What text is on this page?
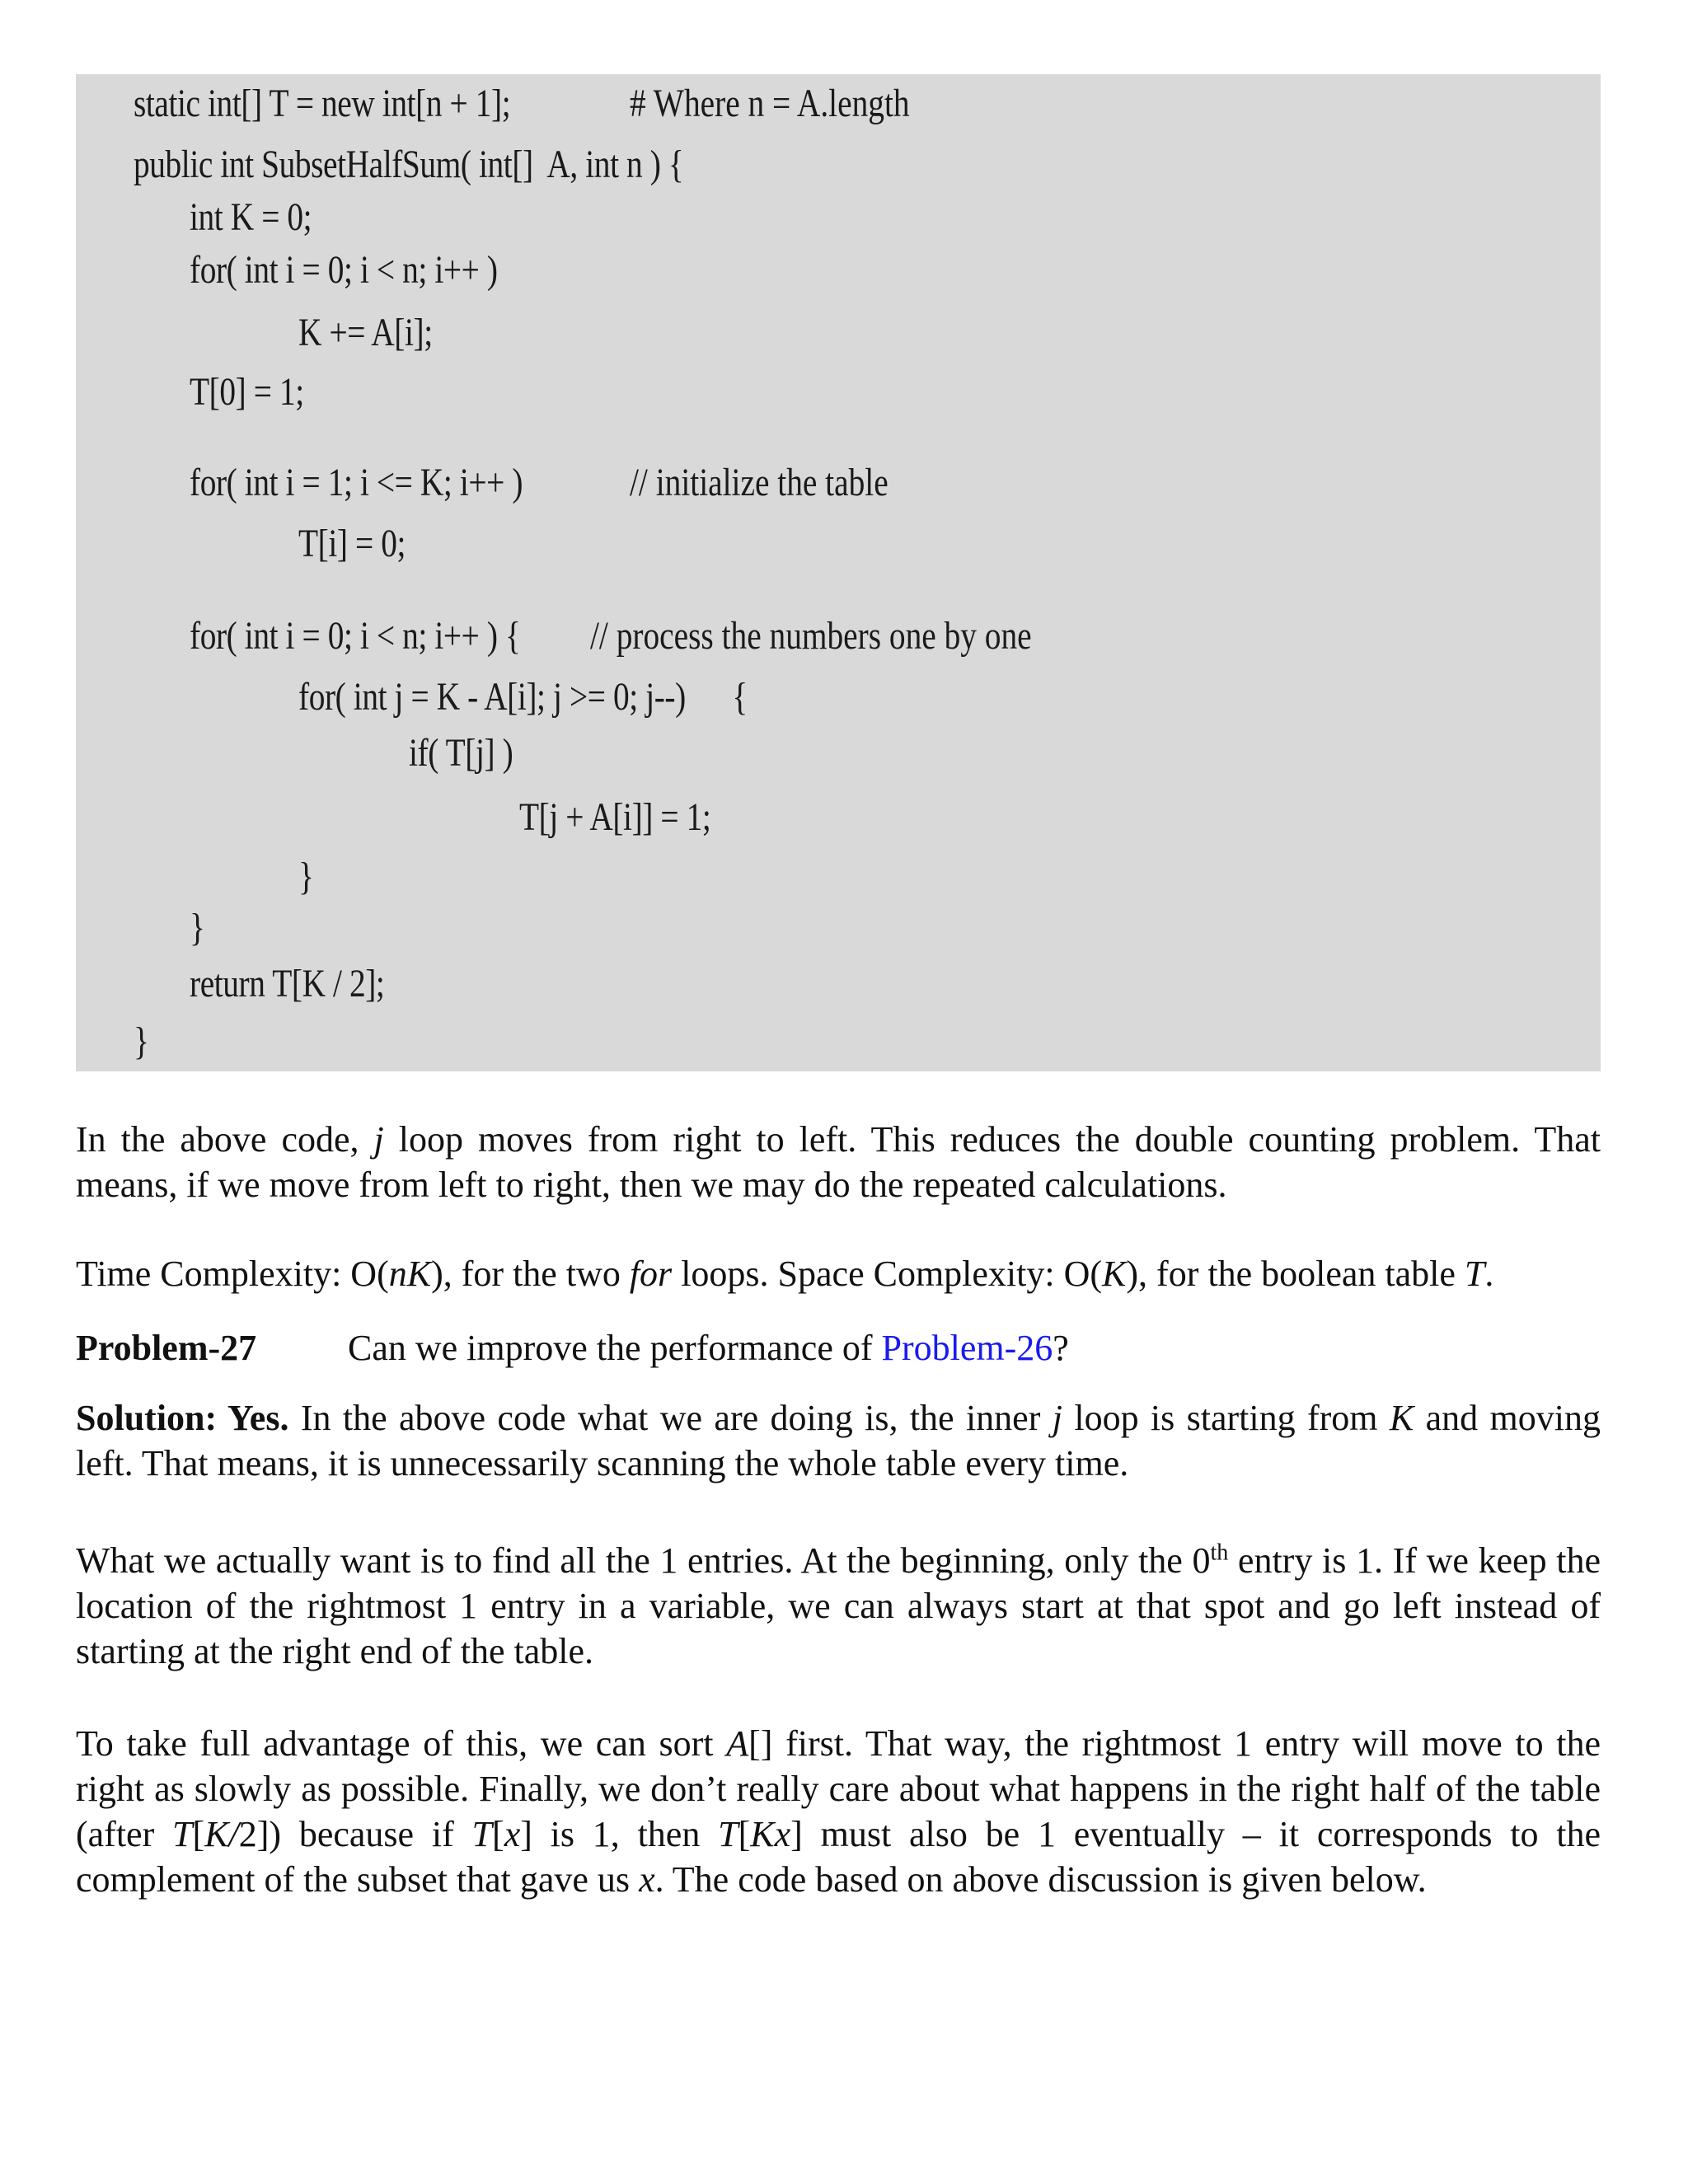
static int[] T = new int[n + 1];	# Where n = A.length
public int SubsetHalfSum( int[]  A, int n ) {
int K = 0;
for( int i = 0; i < n; i++ )
K += A[i];
T[0] = 1;
for( int i = 1; i <= K; i++ )	// initialize the table
T[i] = 0;
for( int i = 0; i < n; i++ ) { // process the numbers one by one
for( int j = K - A[i]; j >= 0; j--)      {
if( T[j] )
T[j + A[i]] = 1;
}
}
return T[K / 2];
}

In the above code, j loop moves from right to left. This reduces the double counting problem. That means, if we move from left to right, then we may do the repeated calculations.

Time Complexity: O(nK), for the two for loops. Space Complexity: O(K), for the boolean table T.

Problem-27	Can we improve the performance of Problem-26?

Solution: Yes. In the above code what we are doing is, the inner j loop is starting from K and moving left. That means, it is unnecessarily scanning the whole table every time.

What we actually want is to find all the 1 entries. At the beginning, only the 0th entry is 1. If we keep the location of the rightmost 1 entry in a variable, we can always start at that spot and go left instead of starting at the right end of the table.

To take full advantage of this, we can sort A[] first. That way, the rightmost 1 entry will move to the right as slowly as possible. Finally, we don’t really care about what happens in the right half of the table (after T[K/2]) because if T[x] is 1, then T[Kx] must also be 1 eventually – it corresponds to the complement of the subset that gave us x. The code based on above discussion is given below.
